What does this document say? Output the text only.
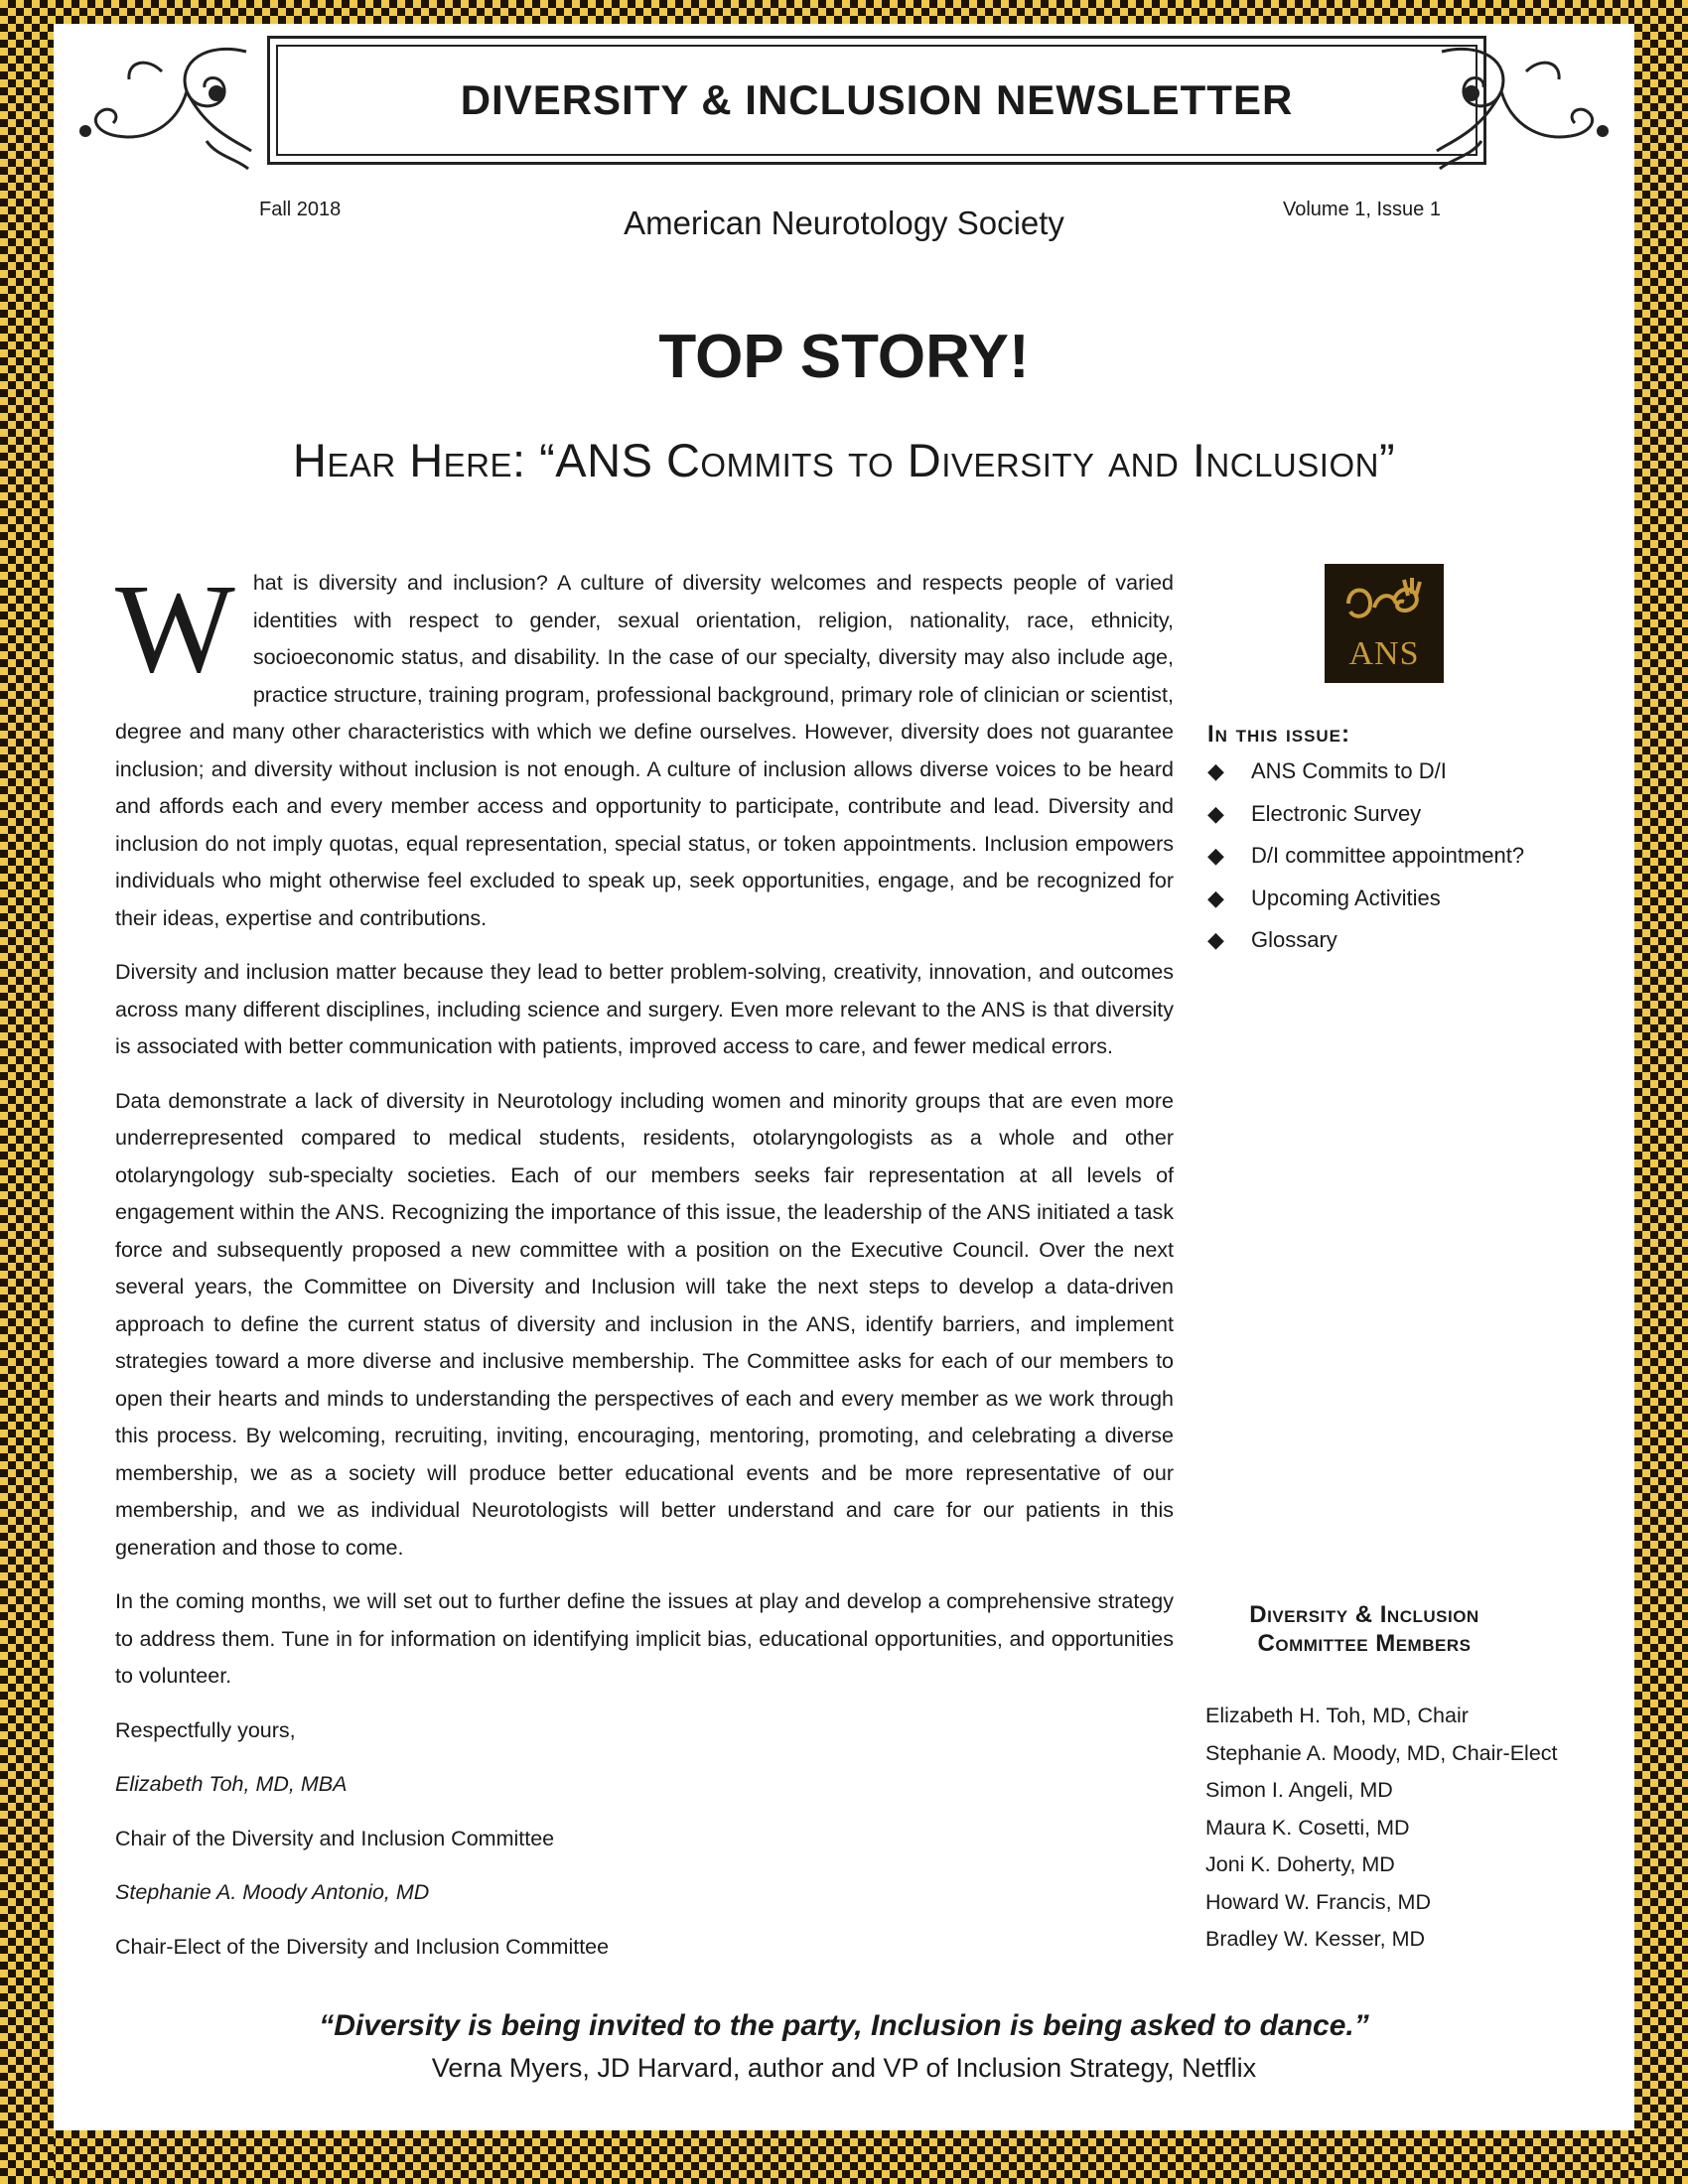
DIVERSITY & INCLUSION NEWSLETTER
Fall 2018	American Neurotology Society	Volume 1, Issue 1
TOP STORY!
Hear Here: “ANS Commits to Diversity and Inclusion”

What is diversity and inclusion? A culture of diversity welcomes and respects people of varied identities with respect to gender, sexual orientation, religion, nationality, race, ethnicity, socioeconomic status, and disability. In the case of our specialty, diversity may also include age, practice structure, training program, professional background, primary role of clinician or scientist, degree and many other characteristics with which we define ourselves. However, diversity does not guarantee inclusion; and diversity without inclusion is not enough. A culture of inclusion allows diverse voices to be heard and affords each and every member access and opportunity to participate, contribute and lead. Diversity and inclusion do not imply quotas, equal representation, special status, or token appointments. Inclusion empowers individuals who might otherwise feel excluded to speak up, seek opportunities, engage, and be recognized for their ideas, expertise and contributions.

Diversity and inclusion matter because they lead to better problem-solving, creativity, innovation, and outcomes across many different disciplines, including science and surgery. Even more relevant to the ANS is that diversity is associated with better communication with patients, improved access to care, and fewer medical errors.

Data demonstrate a lack of diversity in Neurotology including women and minority groups that are even more underrepresented compared to medical students, residents, otolaryngologists as a whole and other otolaryngology sub-specialty societies. Each of our members seeks fair representation at all levels of engagement within the ANS. Recognizing the importance of this issue, the leadership of the ANS initiated a task force and subsequently proposed a new committee with a position on the Executive Council. Over the next several years, the Committee on Diversity and Inclusion will take the next steps to develop a data-driven approach to define the current status of diversity and inclusion in the ANS, identify barriers, and implement strategies toward a more diverse and inclusive membership. The Committee asks for each of our members to open their hearts and minds to understanding the perspectives of each and every member as we work through this process. By welcoming, recruiting, inviting, encouraging, mentoring, promoting, and celebrating a diverse membership, we as a society will produce better educational events and be more representative of our membership, and we as individual Neurotologists will better understand and care for our patients in this generation and those to come.

In the coming months, we will set out to further define the issues at play and develop a comprehensive strategy to address them. Tune in for information on identifying implicit bias, educational opportunities, and opportunities to volunteer.

Respectfully yours,

Elizabeth Toh, MD, MBA

Chair of the Diversity and Inclusion Committee

Stephanie A. Moody Antonio, MD

Chair-Elect of the Diversity and Inclusion Committee

ANS
In this issue:
◆	ANS Commits to D/I
◆	Electronic Survey
◆	D/I committee appointment?
◆	Upcoming Activities
◆	Glossary
Diversity & Inclusion Committee Members
Elizabeth H. Toh, MD, Chair
Stephanie A. Moody, MD, Chair-Elect
Simon I. Angeli, MD
Maura K. Cosetti, MD
Joni K. Doherty, MD
Howard W. Francis, MD
Bradley W. Kesser, MD
“Diversity is being invited to the party, Inclusion is being asked to dance.”
Verna Myers, JD Harvard, author and VP of Inclusion Strategy, Netflix
